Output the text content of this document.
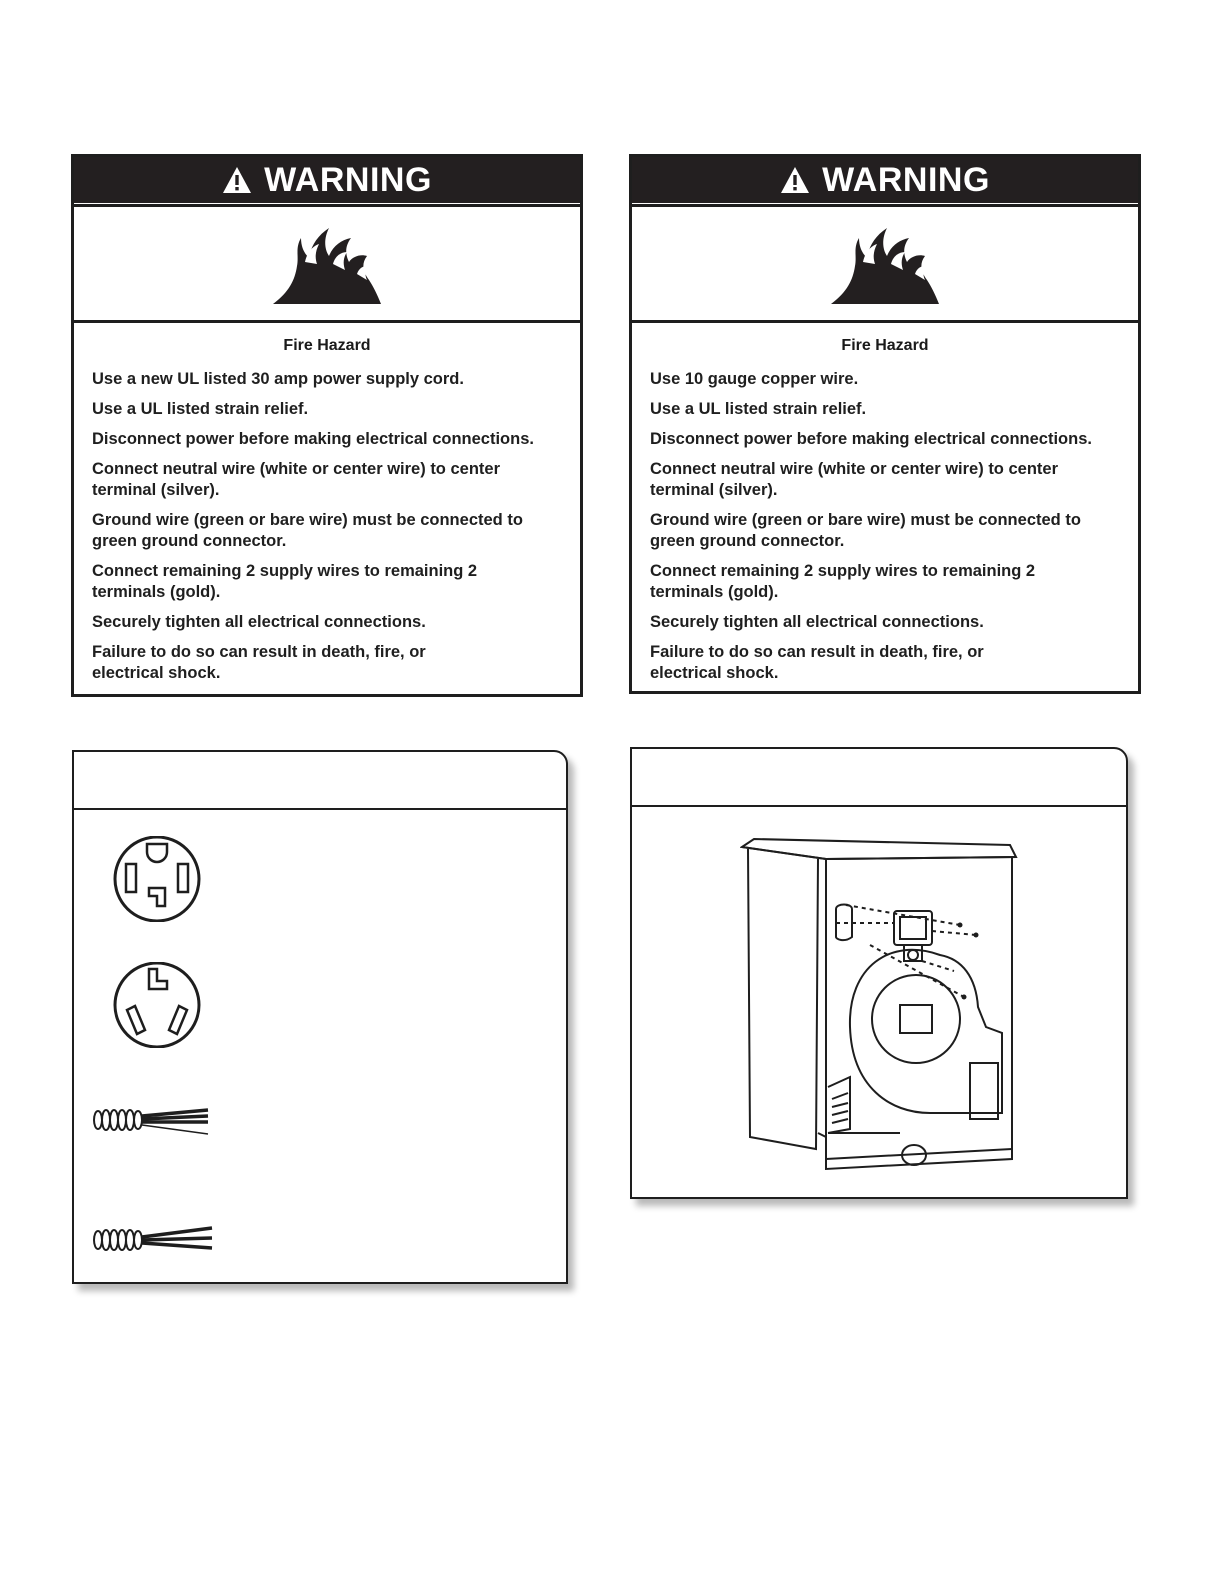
WARNING
Fire Hazard

Use a new UL listed 30 amp power supply cord.

Use a UL listed strain relief.

Disconnect power before making electrical connections.

Connect neutral wire (white or center wire) to center terminal (silver).

Ground wire (green or bare wire) must be connected to green ground connector.

Connect remaining 2 supply wires to remaining 2 terminals (gold).

Securely tighten all electrical connections.

Failure to do so can result in death, fire, or electrical shock.

WARNING
Fire Hazard

Use 10 gauge copper wire.

Use a UL listed strain relief.

Disconnect power before making electrical connections.

Connect neutral wire (white or center wire) to center terminal (silver).

Ground wire (green or bare wire) must be connected to green ground connector.

Connect remaining 2 supply wires to remaining 2 terminals (gold).

Securely tighten all electrical connections.

Failure to do so can result in death, fire, or electrical shock.
